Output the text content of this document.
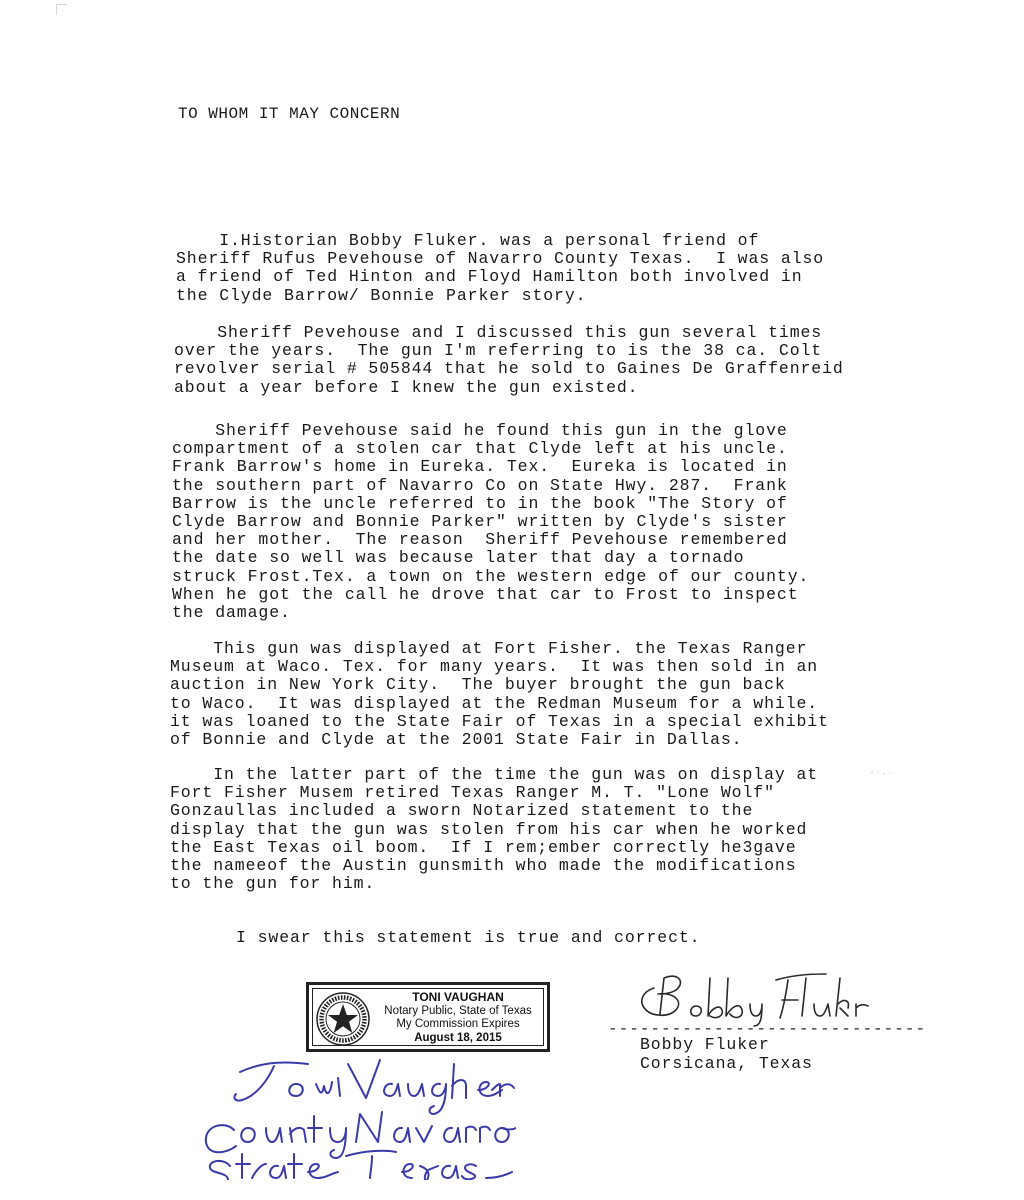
TO WHOM IT MAY CONCERN

I.Historian Bobby Fluker. was a personal friend of
Sheriff Rufus Pevehouse of Navarro County Texas.  I was also
a friend of Ted Hinton and Floyd Hamilton both involved in
the Clyde Barrow/ Bonnie Parker story.

Sheriff Pevehouse and I discussed this gun several times
over the years.  The gun I'm referring to is the 38 ca. Colt
revolver serial # 505844 that he sold to Gaines De Graffenreid
about a year before I knew the gun existed.

Sheriff Pevehouse said he found this gun in the glove
compartment of a stolen car that Clyde left at his uncle.
Frank Barrow's home in Eureka. Tex.  Eureka is located in
the southern part of Navarro Co on State Hwy. 287.  Frank
Barrow is the uncle referred to in the book "The Story of
Clyde Barrow and Bonnie Parker" written by Clyde's sister
and her mother.  The reason  Sheriff Pevehouse remembered
the date so well was because later that day a tornado
struck Frost.Tex. a town on the western edge of our county.
When he got the call he drove that car to Frost to inspect
the damage.

This gun was displayed at Fort Fisher. the Texas Ranger
Museum at Waco. Tex. for many years.  It was then sold in an
auction in New York City.  The buyer brought the gun back
to Waco.  It was displayed at the Redman Museum for a while.
it was loaned to the State Fair of Texas in a special exhibit
of Bonnie and Clyde at the 2001 State Fair in Dallas.

In the latter part of the time the gun was on display at
Fort Fisher Musem retired Texas Ranger M. T. "Lone Wolf"
Gonzaullas included a sworn Notarized statement to the
display that the gun was stolen from his car when he worked
the East Texas oil boom.  If I rem;ember correctly he3gave
the nameeof the Austin gunsmith who made the modifications
to the gun for him.

I swear this statement is true and correct.
TONI VAUGHAN
Notary Public, State of Texas
My Commission Expires
August 18, 2015	------------------------------
Bobby Fluker
Corsicana, Texas
